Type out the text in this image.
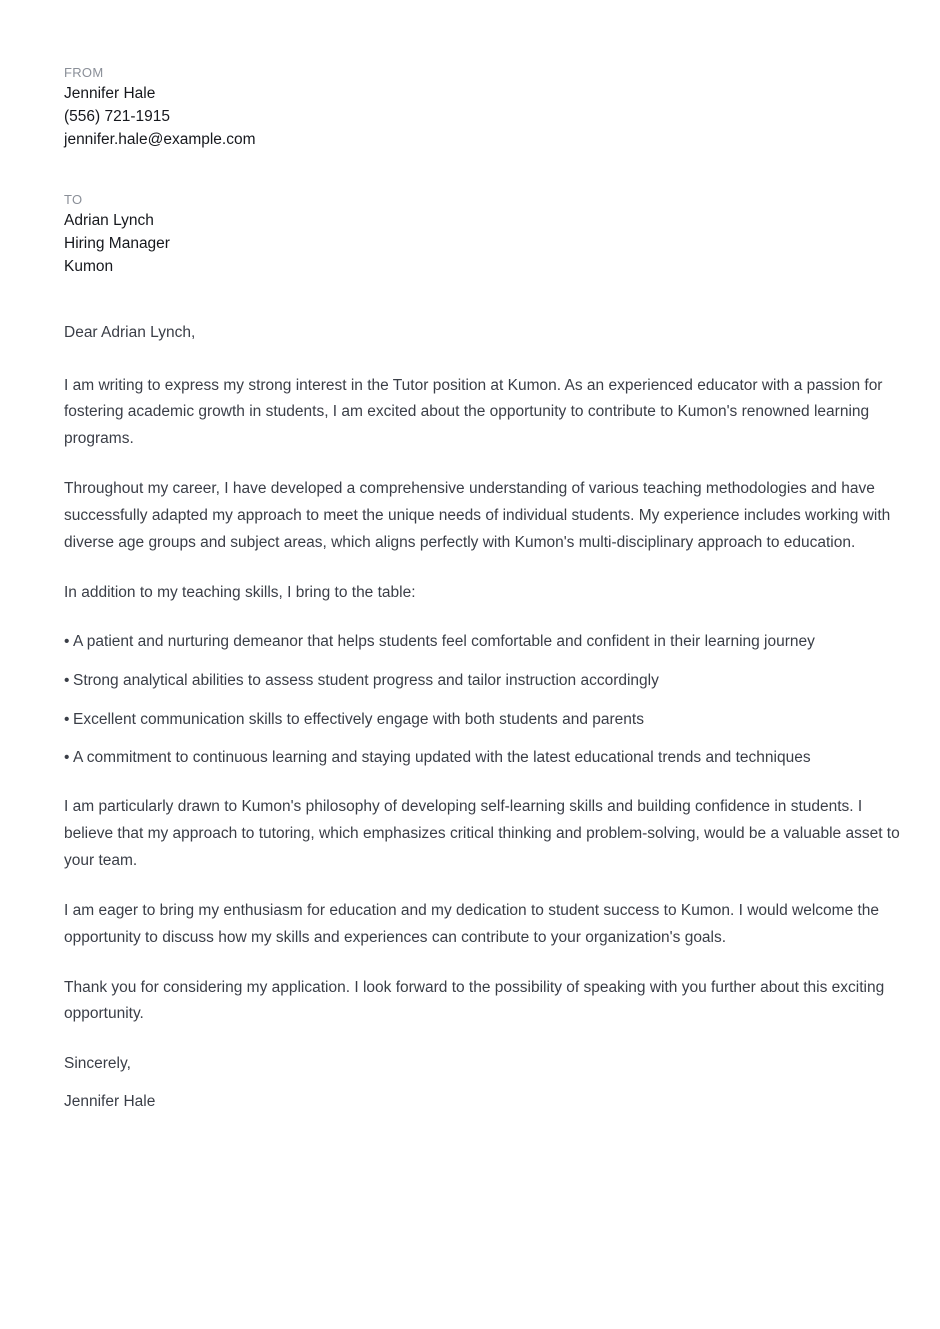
FROM
Jennifer Hale
(556) 721-1915
jennifer.hale@example.com
TO
Adrian Lynch
Hiring Manager
Kumon

Dear Adrian Lynch,

I am writing to express my strong interest in the Tutor position at Kumon. As an experienced educator with a passion for fostering academic growth in students, I am excited about the opportunity to contribute to Kumon's renowned learning programs.

Throughout my career, I have developed a comprehensive understanding of various teaching methodologies and have successfully adapted my approach to meet the unique needs of individual students. My experience includes working with diverse age groups and subject areas, which aligns perfectly with Kumon's multi-disciplinary approach to education.

In addition to my teaching skills, I bring to the table:

• A patient and nurturing demeanor that helps students feel comfortable and confident in their learning journey
• Strong analytical abilities to assess student progress and tailor instruction accordingly
• Excellent communication skills to effectively engage with both students and parents
• A commitment to continuous learning and staying updated with the latest educational trends and techniques

I am particularly drawn to Kumon's philosophy of developing self-learning skills and building confidence in students. I believe that my approach to tutoring, which emphasizes critical thinking and problem-solving, would be a valuable asset to your team.

I am eager to bring my enthusiasm for education and my dedication to student success to Kumon. I would welcome the opportunity to discuss how my skills and experiences can contribute to your organization's goals.

Thank you for considering my application. I look forward to the possibility of speaking with you further about this exciting opportunity.

Sincerely,
Jennifer Hale
